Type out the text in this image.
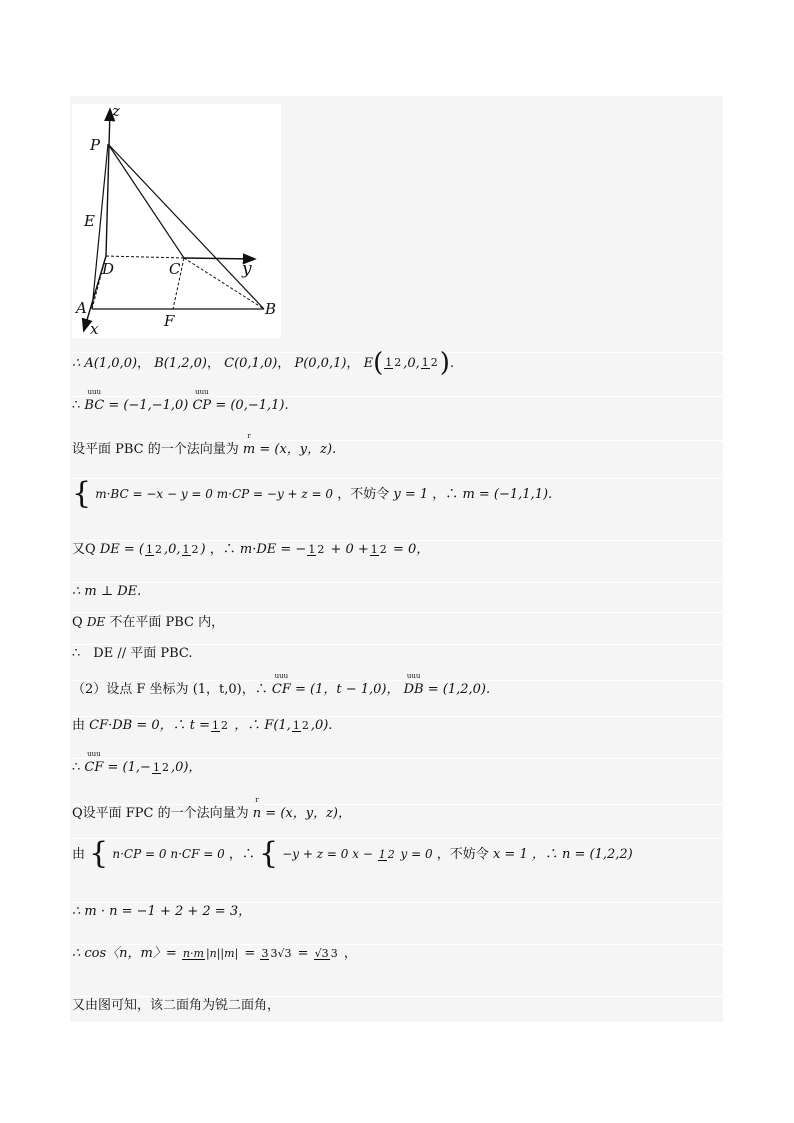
z
y
x
P
E
D	C
A
F
B
∴ A(1,0,0)， B(1,2,0)， C(0,1,0)， P(0,0,1)， E( 1 2 ,0, 1 2).
∴
uuu
BC = (−1,−1,0)
uuu
CP = (0,−1,1).
设平面 PBC 的一个法向量为
r
m = (x，y，z).
{ m·BC = −x − y = 0 m·CP = −y + z = 0 ，不妨令 y = 1 ，∴ m = (−1,1,1).
又Q DE = ( 1 2 ,0, 1 2 ) ，∴ m·DE = − 1 2 + 0 + 1 2 = 0，
∴ m ⊥ DE.
Q DE 不在平面 PBC 内，
∴　DE // 平面 PBC.
（2）设点 F 坐标为 (1，t,0)，∴
uuu
CF = (1，t − 1,0)，
uuu
DB = (1,2,0).
由 CF·DB = 0，∴ t = 1 2 ，∴ F(1, 1 2 ,0).
∴
uuu
CF = (1,− 1 2 ,0)，
Q设平面 FPC 的一个法向量为
r
n = (x，y，z)，
由 { n·CP = 0 n·CF = 0 ，∴ { −y + z = 0 x − 1 2 y = 0 ，不妨令 x = 1 ，∴ n = (1,2,2)
∴ m · n = −1 + 2 + 2 = 3，
∴ cos〈n，m〉= n·m |n||m| = 3 3√3 = √3 3 ，
又由图可知，该二面角为锐二面角，
